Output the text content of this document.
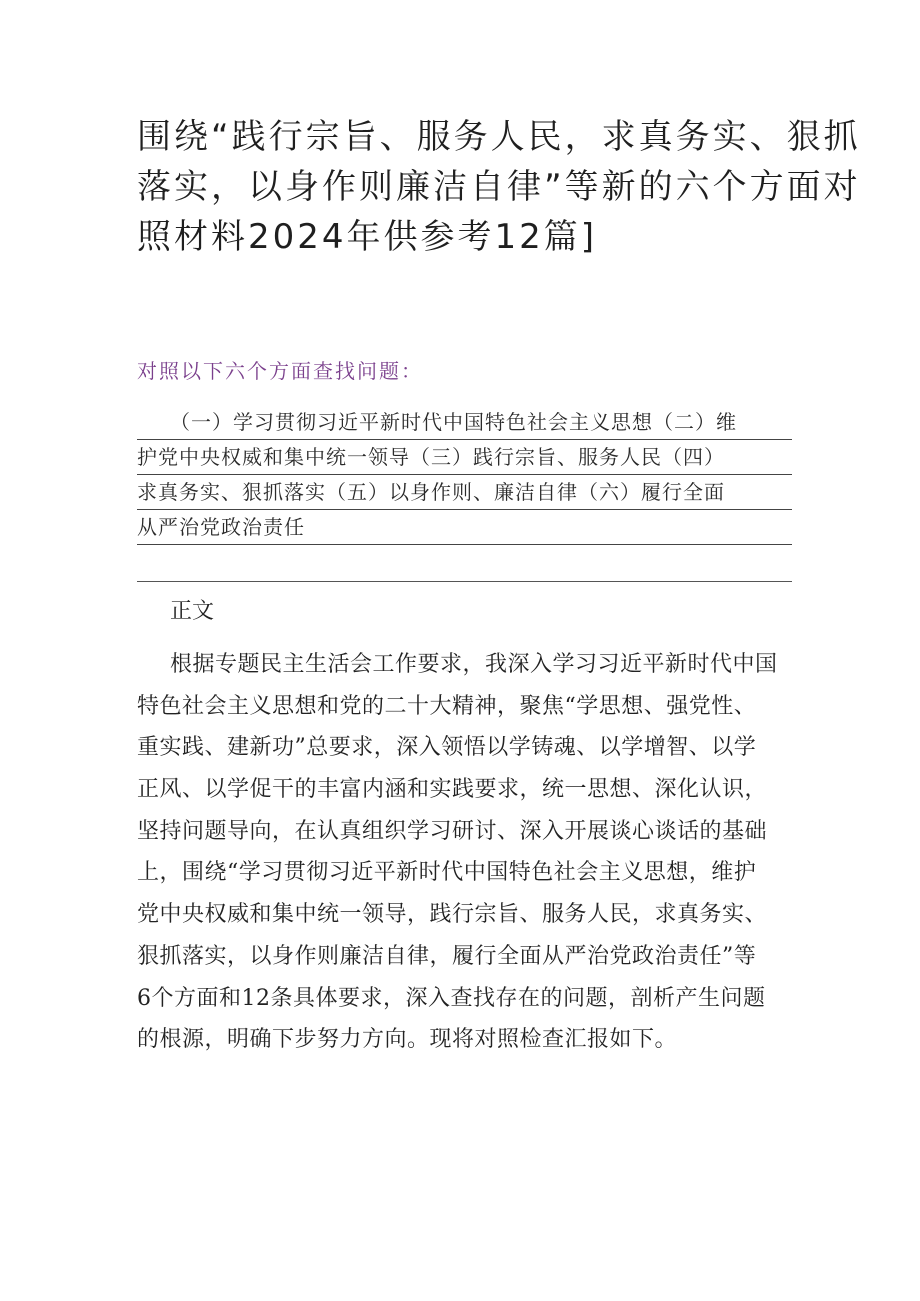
围绕“践行宗旨、服务人民，求真务实、狠抓
落实，以身作则廉洁自律”等新的六个方面对
照材料2024年供参考12篇]

对照以下六个方面查找问题：

（一）学习贯彻习近平新时代中国特色社会主义思想（二）维
护党中央权威和集中统一领导（三）践行宗旨、服务人民（四）
求真务实、狠抓落实（五）以身作则、廉洁自律（六）履行全面
从严治党政治责任

正文

根据专题民主生活会工作要求，我深入学习习近平新时代中国
特色社会主义思想和党的二十大精神，聚焦“学思想、强党性、
重实践、建新功”总要求，深入领悟以学铸魂、以学增智、以学
正风、以学促干的丰富内涵和实践要求，统一思想、深化认识，
坚持问题导向，在认真组织学习研讨、深入开展谈心谈话的基础
上，围绕“学习贯彻习近平新时代中国特色社会主义思想，维护
党中央权威和集中统一领导，践行宗旨、服务人民，求真务实、
狠抓落实，以身作则廉洁自律，履行全面从严治党政治责任”等
6个方面和12条具体要求，深入查找存在的问题，剖析产生问题
的根源，明确下步努力方向。现将对照检查汇报如下。
